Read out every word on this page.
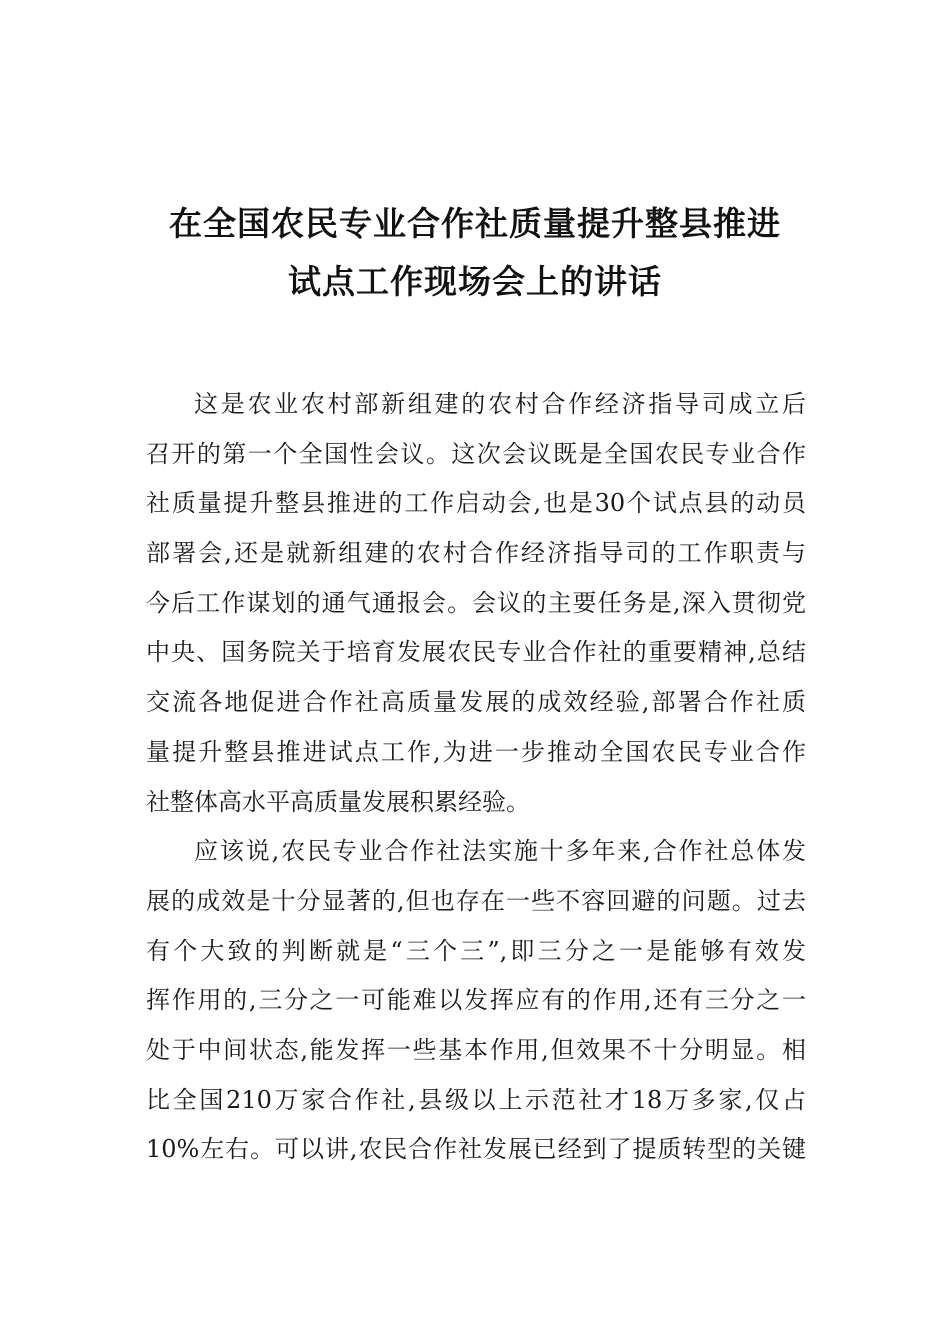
在全国农民专业合作社质量提升整县推进
试点工作现场会上的讲话

这是农业农村部新组建的农村合作经济指导司成立后
召开的第一个全国性会议。这次会议既是全国农民专业合作
社质量提升整县推进的工作启动会,也是30个试点县的动员
部署会,还是就新组建的农村合作经济指导司的工作职责与
今后工作谋划的通气通报会。会议的主要任务是,深入贯彻党
中央、国务院关于培育发展农民专业合作社的重要精神,总结
交流各地促进合作社高质量发展的成效经验,部署合作社质
量提升整县推进试点工作,为进一步推动全国农民专业合作
社整体高水平高质量发展积累经验。

应该说,农民专业合作社法实施十多年来,合作社总体发
展的成效是十分显著的,但也存在一些不容回避的问题。过去
有个大致的判断就是“三个三”,即三分之一是能够有效发
挥作用的,三分之一可能难以发挥应有的作用,还有三分之一
处于中间状态,能发挥一些基本作用,但效果不十分明显。相
比全国210万家合作社,县级以上示范社才18万多家,仅占
10%左右。可以讲,农民合作社发展已经到了提质转型的关键
